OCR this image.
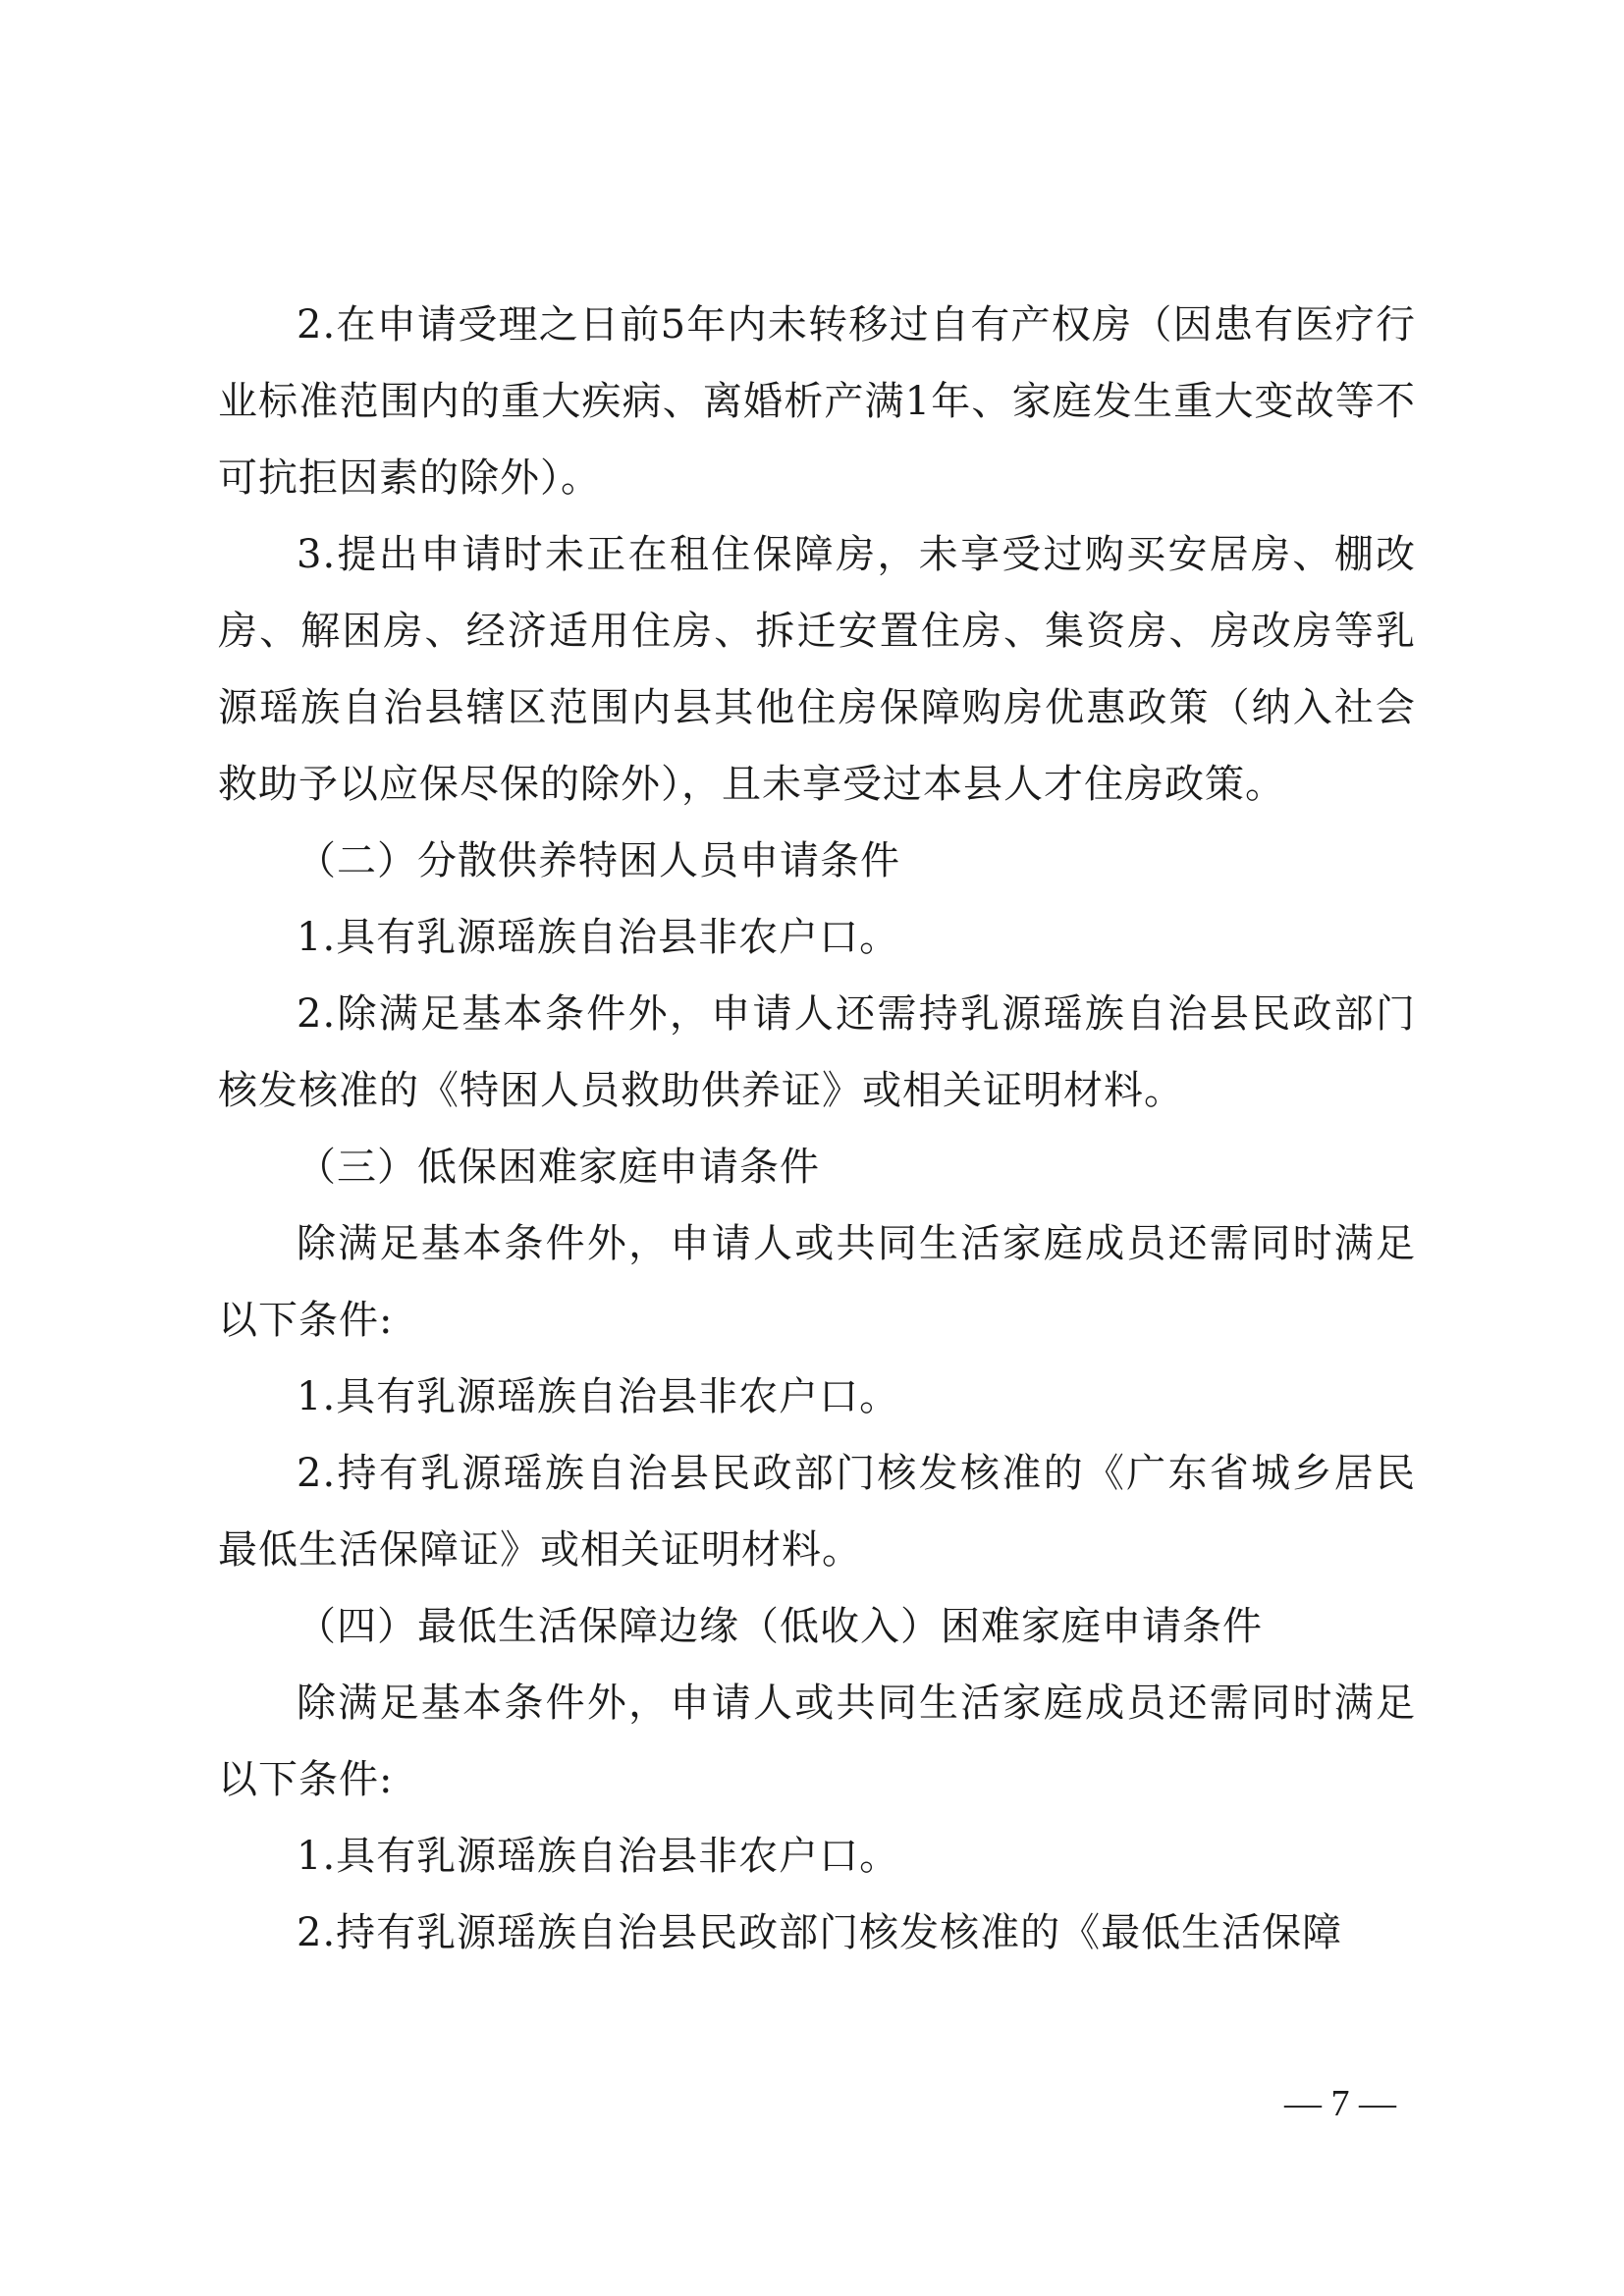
2.在申请受理之日前5年内未转移过自有产权房（因患有医疗行业标准范围内的重大疾病、离婚析产满1年、家庭发生重大变故等不可抗拒因素的除外）。

3.提出申请时未正在租住保障房，未享受过购买安居房、棚改房、解困房、经济适用住房、拆迁安置住房、集资房、房改房等乳源瑶族自治县辖区范围内县其他住房保障购房优惠政策（纳入社会救助予以应保尽保的除外），且未享受过本县人才住房政策。

（二）分散供养特困人员申请条件

1.具有乳源瑶族自治县非农户口。

2.除满足基本条件外，申请人还需持乳源瑶族自治县民政部门核发核准的《特困人员救助供养证》或相关证明材料。

（三）低保困难家庭申请条件

除满足基本条件外，申请人或共同生活家庭成员还需同时满足以下条件:

1.具有乳源瑶族自治县非农户口。

2.持有乳源瑶族自治县民政部门核发核准的《广东省城乡居民最低生活保障证》或相关证明材料。

（四）最低生活保障边缘（低收入）困难家庭申请条件

除满足基本条件外，申请人或共同生活家庭成员还需同时满足以下条件:

1.具有乳源瑶族自治县非农户口。

2.持有乳源瑶族自治县民政部门核发核准的《最低生活保障

— 7 —
